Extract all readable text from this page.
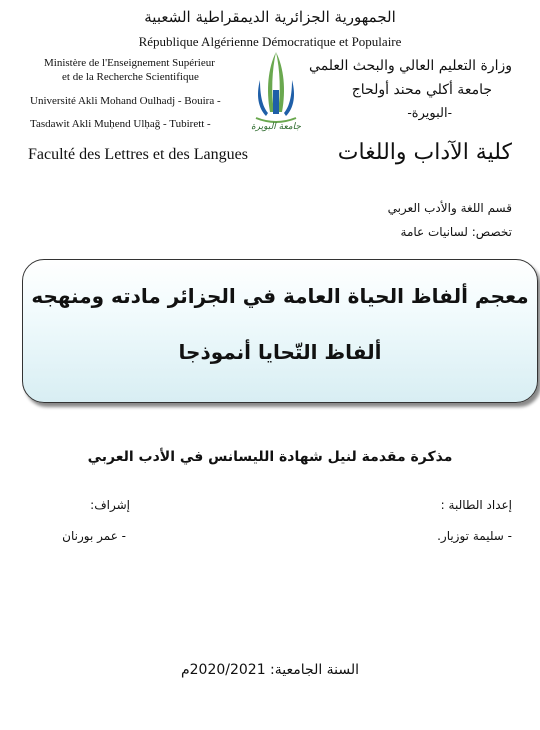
الجمهورية الجزائرية الديمقراطية الشعبية
République Algérienne Démocratique et Populaire
Ministère de l'Enseignement Supérieur
et de la Recherche Scientifique
Université Akli Mohand Oulhadj - Bouira -
Tasdawit Akli Muḥend Ulḥağ - Tubirett -
وزارة التعليم العالي والبحث العلمي
جامعة أكلي محند أولحاج
-البويرة-
جامعة البويرة
Faculté des Lettres et des Langues	كلية الآداب واللغات
قسم اللغة والأدب العربي
تخصص: لسانيات عامة
معجم ألفاظ الحياة العامة في الجزائر مادته ومنهجه
ألفاظ التّحايا أنموذجا
مذكرة مقدمة لنيل شهادة الليسانس في الأدب العربي
إعداد الطالبة :
- سليمة توزيار.
إشراف:
- عمر بورنان
السنة الجامعية: 2020/2021م
